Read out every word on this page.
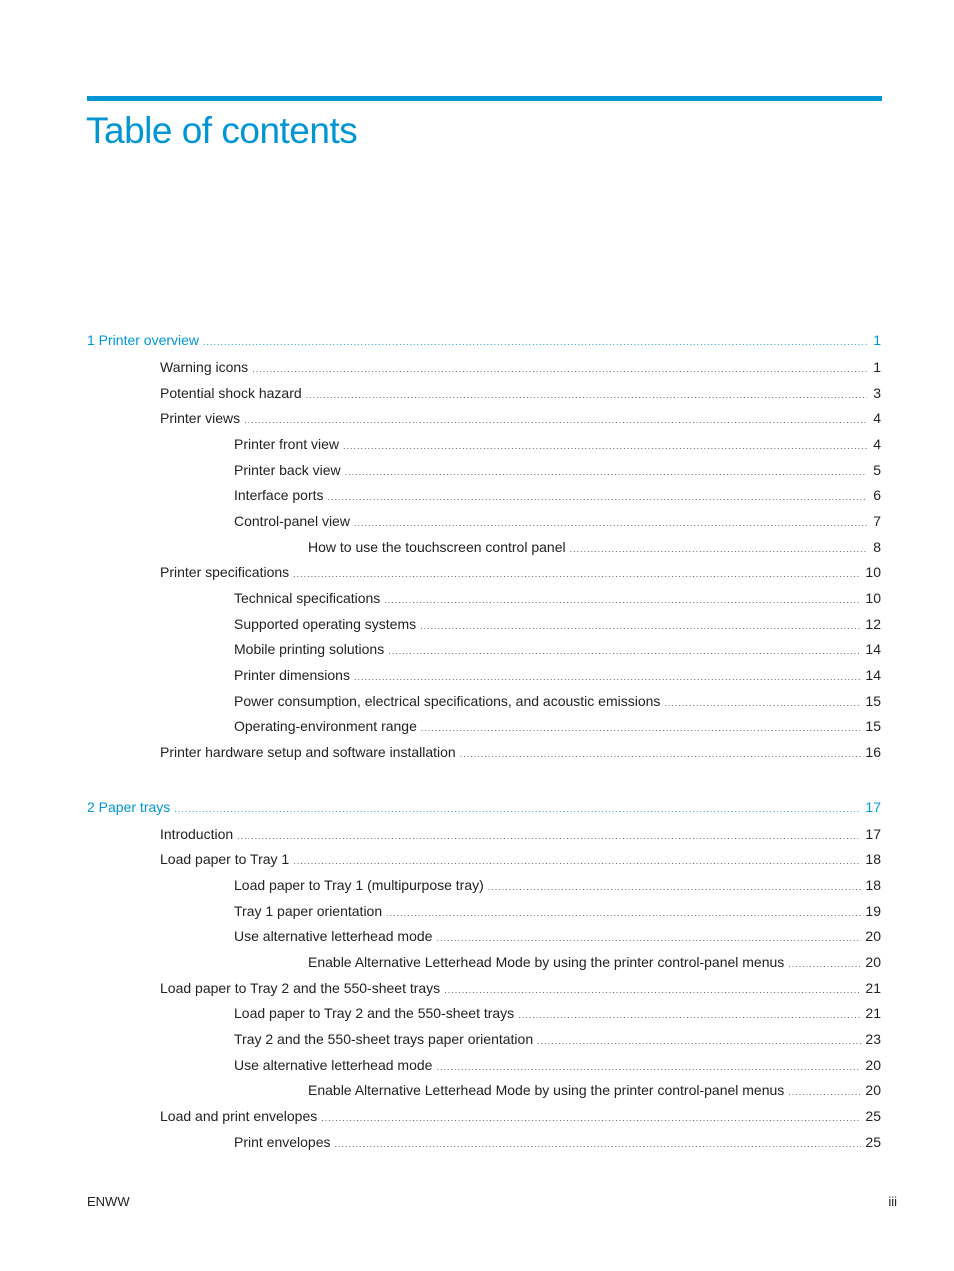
Table of contents
1 Printer overview .....	1
Warning icons .....	1
Potential shock hazard .....	3
Printer views .....	4
Printer front view .....	4
Printer back view .....	5
Interface ports .....	6
Control-panel view .....	7
How to use the touchscreen control panel .....	8
Printer specifications .....	10
Technical specifications .....	10
Supported operating systems .....	12
Mobile printing solutions .....	14
Printer dimensions .....	14
Power consumption, electrical specifications, and acoustic emissions .....	15
Operating-environment range .....	15
Printer hardware setup and software installation .....	16
2 Paper trays .....	17
Introduction .....	17
Load paper to Tray 1 .....	18
Load paper to Tray 1 (multipurpose tray) .....	18
Tray 1 paper orientation .....	19
Use alternative letterhead mode .....	20
Enable Alternative Letterhead Mode by using the printer control-panel menus .....	20
Load paper to Tray 2 and the 550-sheet trays .....	21
Load paper to Tray 2 and the 550-sheet trays .....	21
Tray 2 and the 550-sheet trays paper orientation .....	23
Use alternative letterhead mode .....	20
Enable Alternative Letterhead Mode by using the printer control-panel menus .....	20
Load and print envelopes .....	25
Print envelopes .....	25
ENWW	iii
